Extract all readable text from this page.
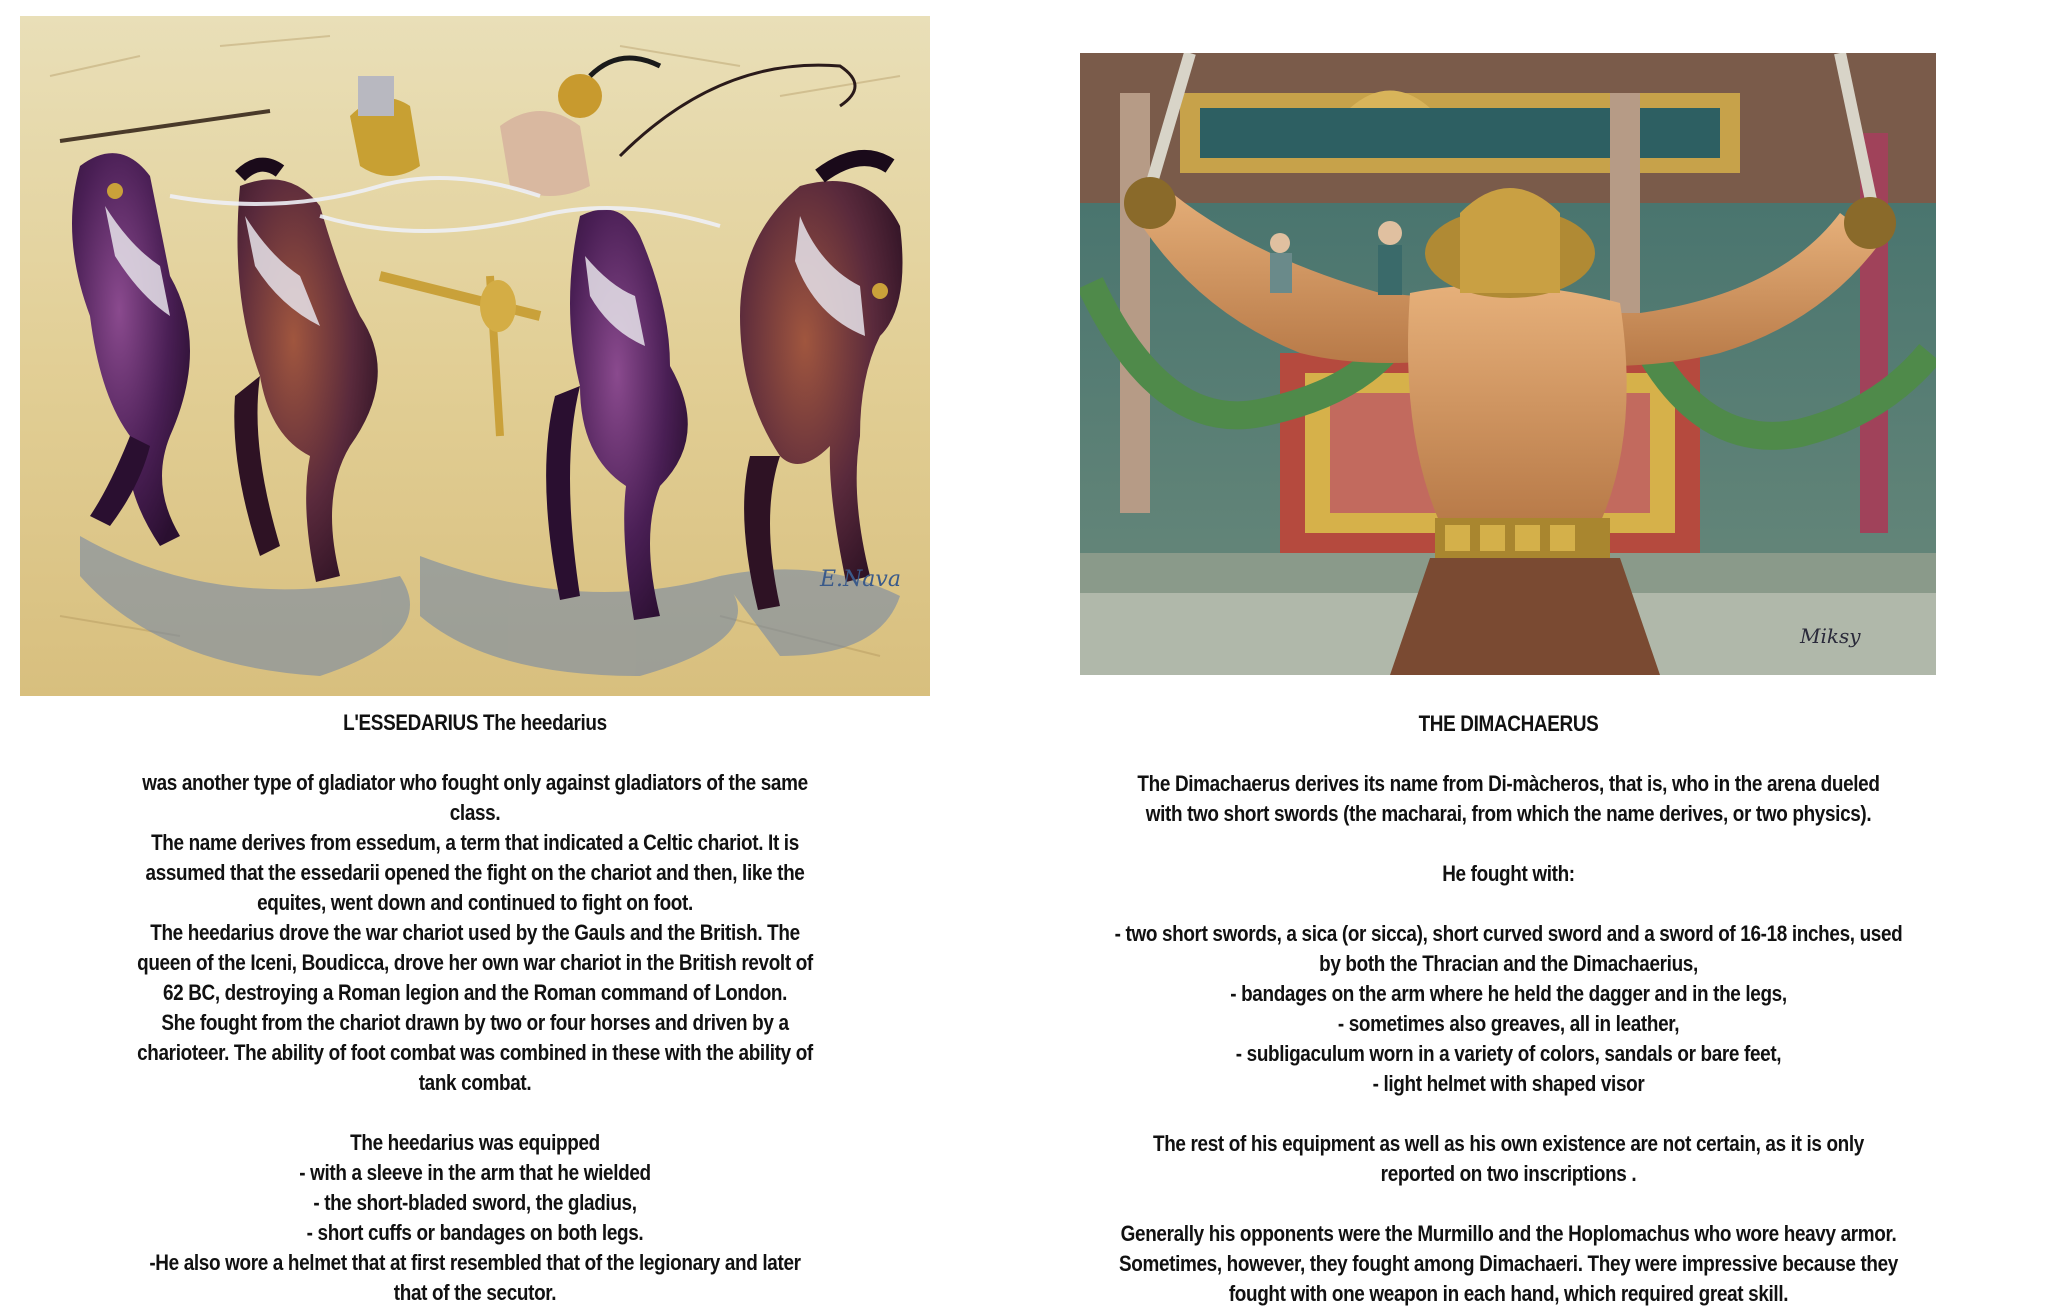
E.Nava
Miksy
L'ESSEDARIUS The heedarius
was another type of gladiator who fought only against gladiators of the same
class.
The name derives from essedum, a term that indicated a Celtic chariot. It is
assumed that the essedarii opened the fight on the chariot and then, like the
equites, went down and continued to fight on foot.
The heedarius drove the war chariot used by the Gauls and the British. The
queen of the Iceni, Boudicca, drove her own war chariot in the British revolt of
62 BC, destroying a Roman legion and the Roman command of London.
She fought from the chariot drawn by two or four horses and driven by a
charioteer. The ability of foot combat was combined in these with the ability of
tank combat.
The heedarius was equipped
- with a sleeve in the arm that he wielded
- the short-bladed sword, the gladius,
- short cuffs or bandages on both legs.
-He also wore a helmet that at first resembled that of the legionary and later
that of the secutor.
THE DIMACHAERUS
The Dimachaerus derives its name from Di-màcheros, that is, who in the arena dueled
with two short swords (the macharai, from which the name derives, or two physics).
He fought with:
- two short swords, a sica (or sicca), short curved sword and a sword of 16-18 inches, used
by both the Thracian and the Dimachaerius,
- bandages on the arm where he held the dagger and in the legs,
- sometimes also greaves, all in leather,
- subligaculum worn in a variety of colors, sandals or bare feet,
- light helmet with shaped visor
The rest of his equipment as well as his own existence are not certain, as it is only
reported on two inscriptions .
Generally his opponents were the Murmillo and the Hoplomachus who wore heavy armor.
Sometimes, however, they fought among Dimachaeri. They were impressive because they
fought with one weapon in each hand, which required great skill.
